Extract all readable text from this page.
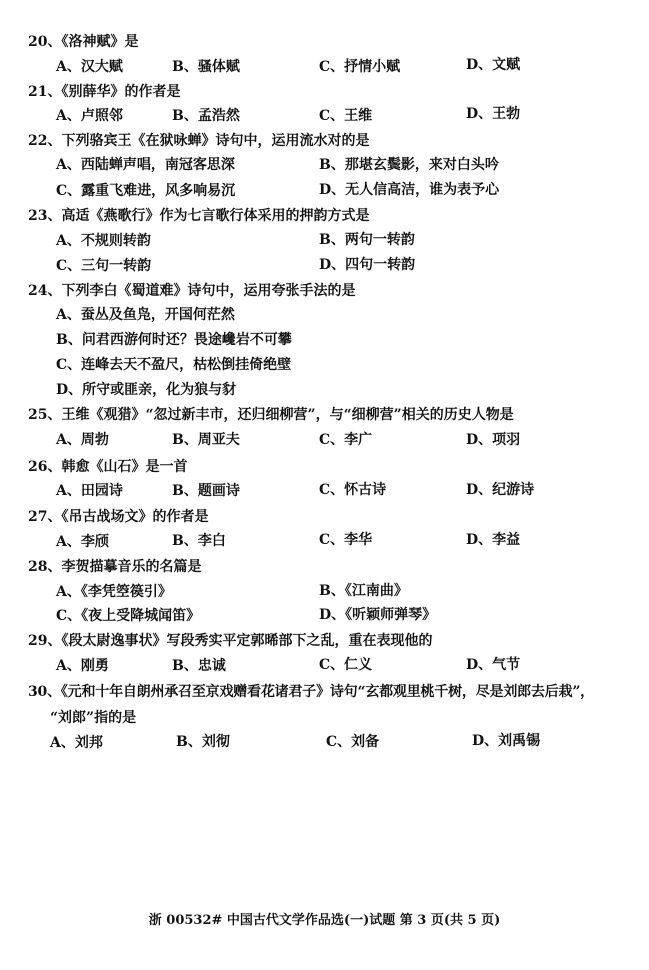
20、《洛神赋》是
A、汉大赋	B、骚体赋	C、抒情小赋	D、文赋
21、《别薛华》的作者是
A、卢照邻	B、孟浩然	C、王维	D、王勃
22、下列骆宾王《在狱咏蝉》诗句中，运用流水对的是
A、西陆蝉声唱，南冠客思深	B、那堪玄鬓影，来对白头吟
C、露重飞难进，风多响易沉	D、无人信高洁，谁为表予心
23、高适《燕歌行》作为七言歌行体采用的押韵方式是
A、不规则转韵	B、两句一转韵
C、三句一转韵	D、四句一转韵
24、下列李白《蜀道难》诗句中，运用夸张手法的是
A、蚕丛及鱼凫，开国何茫然
B、问君西游何时还？畏途巉岩不可攀
C、连峰去天不盈尺，枯松倒挂倚绝壁
D、所守或匪亲，化为狼与豺
25、王维《观猎》“忽过新丰市，还归细柳营”，与“细柳营”相关的历史人物是
A、周勃	B、周亚夫	C、李广	D、项羽
26、韩愈《山石》是一首
A、田园诗	B、题画诗	C、怀古诗	D、纪游诗
27、《吊古战场文》的作者是
A、李颀	B、李白	C、李华	D、李益
28、李贺描摹音乐的名篇是
A、《李凭箜篌引》	B、《江南曲》
C、《夜上受降城闻笛》	D、《听颖师弹琴》
29、《段太尉逸事状》写段秀实平定郭晞部下之乱，重在表现他的
A、刚勇	B、忠诚	C、仁义	D、气节
30、《元和十年自朗州承召至京戏赠看花诸君子》诗句“玄都观里桃千树，尽是刘郎去后栽”，
“刘郎”指的是
A、刘邦	B、刘彻	C、刘备	D、刘禹锡
浙 00532# 中国古代文学作品选(一)试题 第 3 页(共 5 页)
